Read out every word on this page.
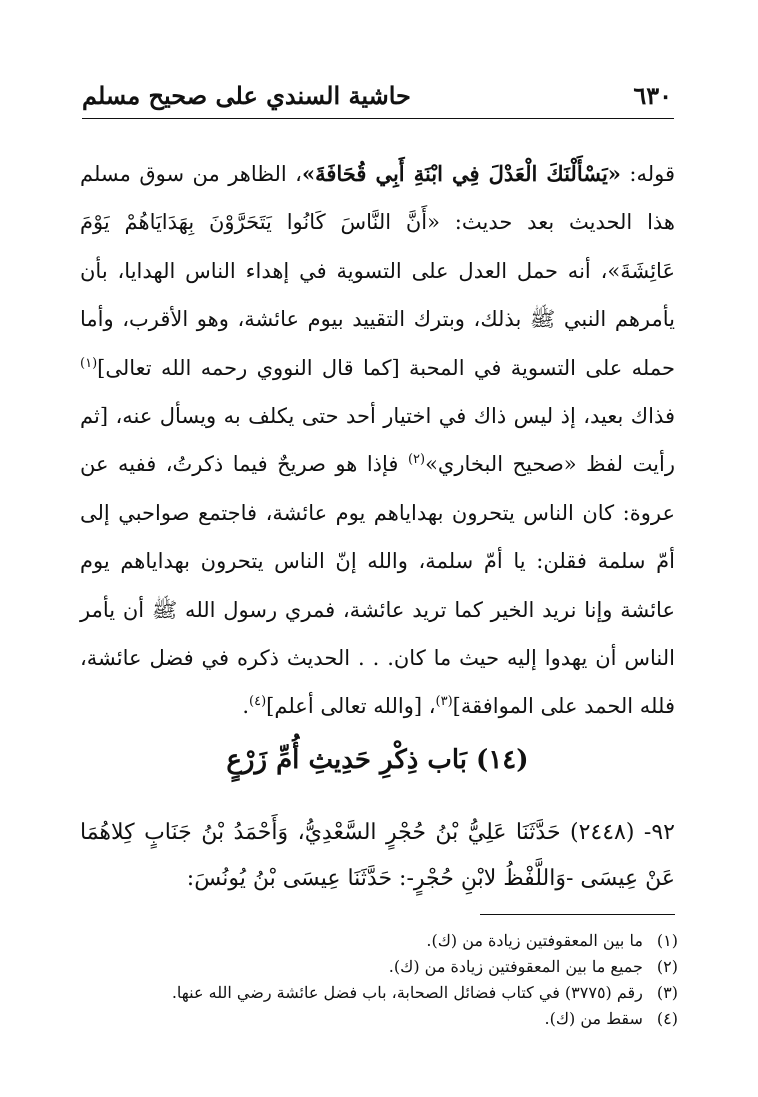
٦٣٠
حاشية السندي على صحيح مسلم

قوله: «يَسْأَلْنَكَ الْعَدْلَ فِي ابْنَةِ أَبِي قُحَافَةَ»، الظاهر من سوق مسلم هذا الحديث بعد حديث: «أَنَّ النَّاسَ كَانُوا يَتَحَرَّوْنَ بِهَدَايَاهُمْ يَوْمَ عَائِشَةَ»، أنه حمل العدل على التسوية في إهداء الناس الهدايا، بأن يأمرهم النبي ﷺ بذلك، وبترك التقييد بيوم عائشة، وهو الأقرب، وأما حمله على التسوية في المحبة [كما قال النووي رحمه الله تعالى]$^{(١)}$ فذاك بعيد، إذ ليس ذاك في اختيار أحد حتى يكلف به ويسأل عنه، [ثم رأيت لفظ «صحيح البخاري»$^{(٢)}$ فإذا هو صريحٌ فيما ذكرتُ، ففيه عن عروة: كان الناس يتحرون بهداياهم يوم عائشة، فاجتمع صواحبي إلى أمّ سلمة فقلن: يا أمّ سلمة، والله إنّ الناس يتحرون بهداياهم يوم عائشة وإنا نريد الخير كما تريد عائشة، فمري رسول الله ﷺ أن يأمر الناس أن يهدوا إليه حيث ما كان. . . الحديث ذكره في فضل عائشة، فلله الحمد على الموافقة]$^{(٣)}$، [والله تعالى أعلم]$^{(٤)}$.

(١٤) بَاب ذِكْرِ حَدِيثِ أُمِّ زَرْعٍ

٩٢- (٢٤٤٨) حَدَّثَنَا عَلِيُّ بْنُ حُجْرٍ السَّعْدِيُّ، وَأَحْمَدُ بْنُ جَنَابٍ كِلاهُمَا عَنْ عِيسَى -وَاللَّفْظُ لابْنِ حُجْرٍ-: حَدَّثَنَا عِيسَى بْنُ يُونُسَ:

(١) ما بين المعقوفتين زيادة من (ك).
(٢) جميع ما بين المعقوفتين زيادة من (ك).
(٣) رقم (٣٧٧٥) في كتاب فضائل الصحابة، باب فضل عائشة رضي الله عنها.
(٤) سقط من (ك).
